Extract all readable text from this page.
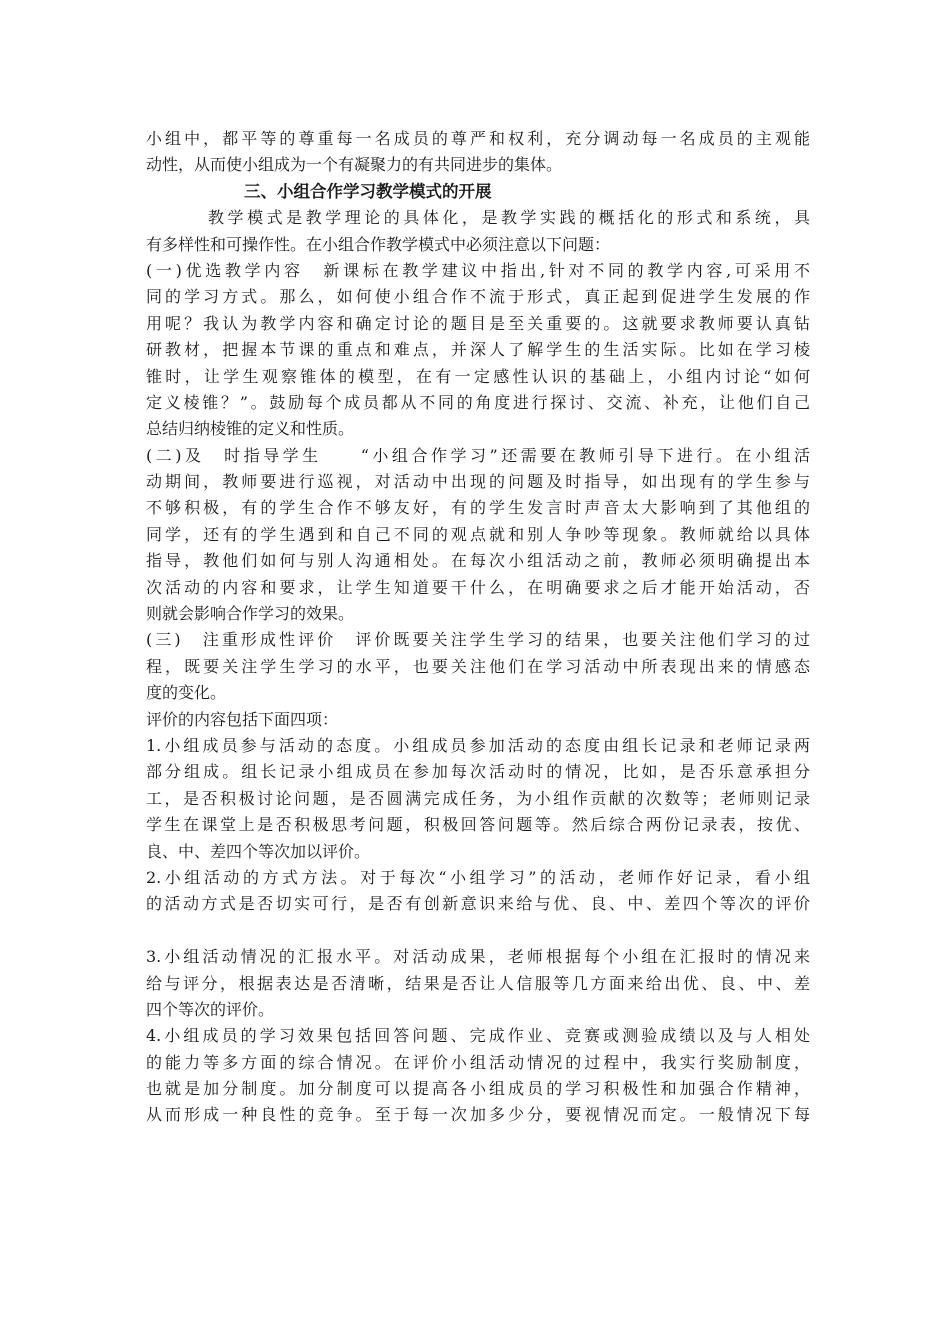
小组中，都平等的尊重每一名成员的尊严和权利，充分调动每一名成员的主观能
动性，从而使小组成为一个有凝聚力的有共同进步的集体。
三、小组合作学习教学模式的开展
教学模式是教学理论的具体化，是教学实践的概括化的形式和系统，具
有多样性和可操作性。在小组合作教学模式中必须注意以下问题：
(一)优选教学内容　新课标在教学建议中指出,针对不同的教学内容,可采用不
同的学习方式。那么，如何使小组合作不流于形式，真正起到促进学生发展的作
用呢？我认为教学内容和确定讨论的题目是至关重要的。这就要求教师要认真钻
研教材，把握本节课的重点和难点，并深人了解学生的生活实际。比如在学习棱
锥时，让学生观察锥体的模型，在有一定感性认识的基础上，小组内讨论“如何
定义棱锥？”。鼓励每个成员都从不同的角度进行探讨、交流、补充，让他们自己
总结归纳棱锥的定义和性质。
(二)及　时指导学生　　“小组合作学习”还需要在教师引导下进行。在小组活
动期间，教师要进行巡视，对活动中出现的问题及时指导，如出现有的学生参与
不够积极，有的学生合作不够友好，有的学生发言时声音太大影响到了其他组的
同学，还有的学生遇到和自己不同的观点就和别人争吵等现象。教师就给以具体
指导，教他们如何与别人沟通相处。在每次小组活动之前，教师必须明确提出本
次活动的内容和要求，让学生知道要干什么，在明确要求之后才能开始活动，否
则就会影响合作学习的效果。
(三)　注重形成性评价　评价既要关注学生学习的结果，也要关注他们学习的过
程，既要关注学生学习的水平，也要关注他们在学习活动中所表现出来的情感态
度的变化。
评价的内容包括下面四项：
1.小组成员参与活动的态度。小组成员参加活动的态度由组长记录和老师记录两
部分组成。组长记录小组成员在参加每次活动时的情况，比如，是否乐意承担分
工，是否积极讨论问题，是否圆满完成任务，为小组作贡献的次数等；老师则记录
学生在课堂上是否积极思考问题，积极回答问题等。然后综合两份记录表，按优、
良、中、差四个等次加以评价。
2.小组活动的方式方法。对于每次“小组学习”的活动，老师作好记录，看小组
的活动方式是否切实可行，是否有创新意识来给与优、良、中、差四个等次的评价
3.小组活动情况的汇报水平。对活动成果，老师根据每个小组在汇报时的情况来
给与评分，根据表达是否清晰，结果是否让人信服等几方面来给出优、良、中、差
四个等次的评价。
4.小组成员的学习效果包括回答问题、完成作业、竞赛或测验成绩以及与人相处
的能力等多方面的综合情况。在评价小组活动情况的过程中，我实行奖励制度，
也就是加分制度。加分制度可以提高各小组成员的学习积极性和加强合作精神，
从而形成一种良性的竞争。至于每一次加多少分，要视情况而定。一般情况下每
